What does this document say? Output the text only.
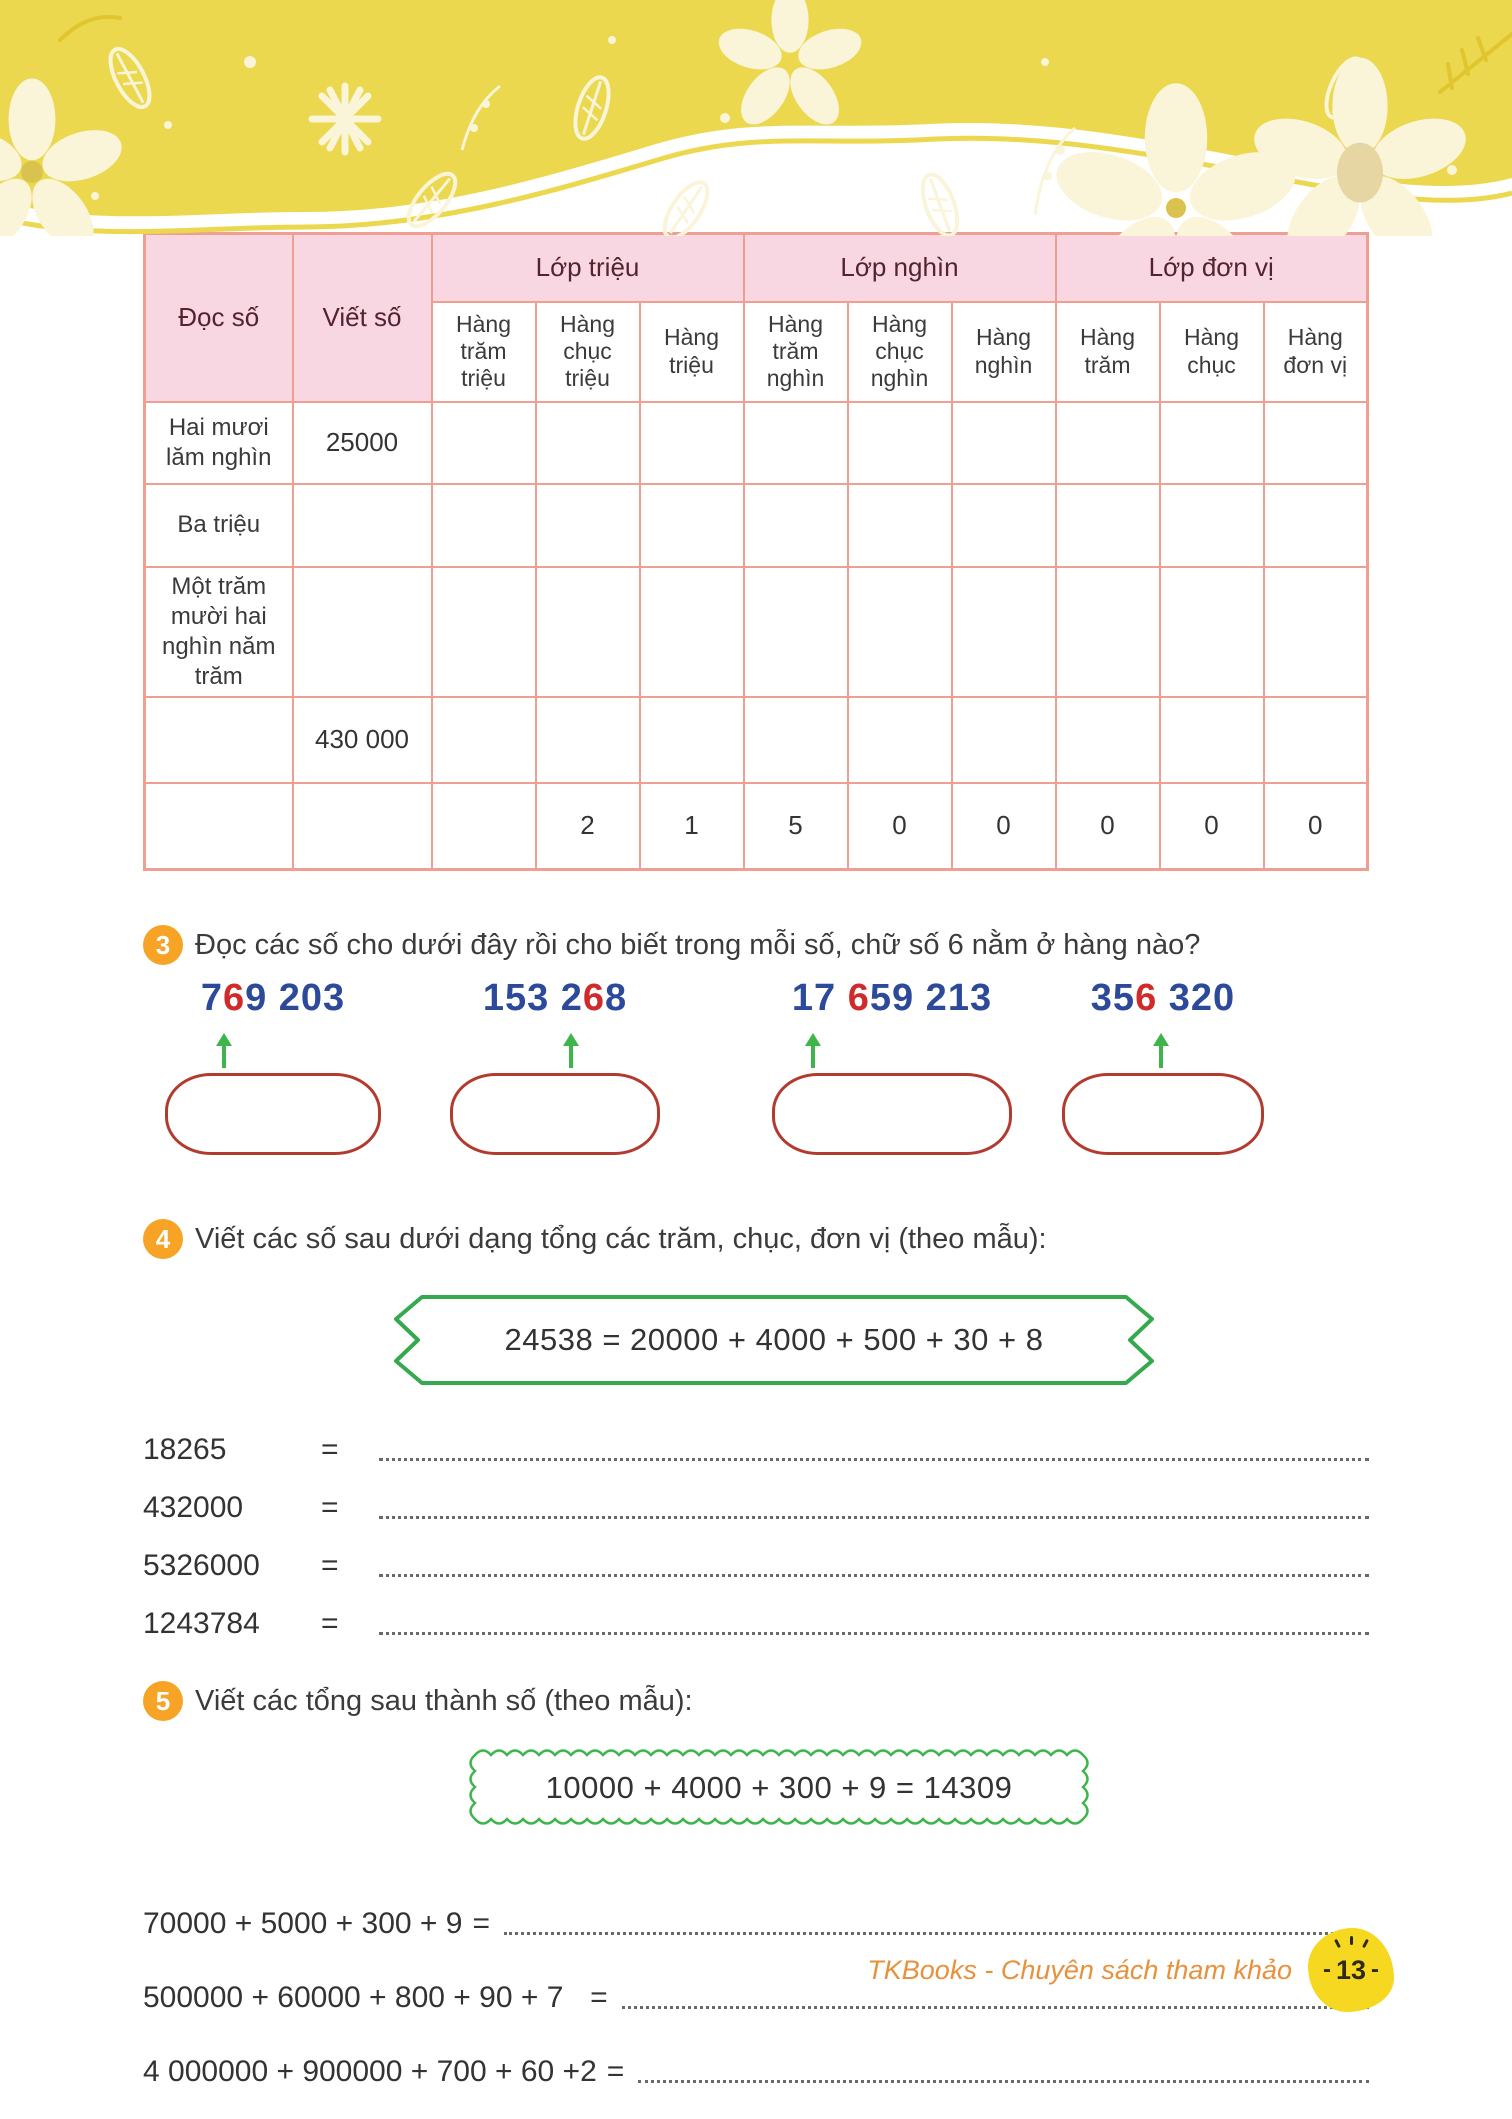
Đọc số	Viết số	Lớp triệu			Lớp nghìn			Lớp đơn vị		
		Hàng trăm triệu	Hàng chục triệu	Hàng triệu	Hàng trăm nghìn	Hàng chục nghìn	Hàng nghìn	Hàng trăm	Hàng chục	Hàng đơn vị
Hai mươi lăm nghìn	25000									
Ba triệu										
Một trăm mười hai nghìn năm trăm										
	430 000									
			2	1	5	0	0	0	0	0
3 Đọc các số cho dưới đây rồi cho biết trong mỗi số, chữ số 6 nằm ở hàng nào?
769 203	153 268	17 659 213	356 320
4 Viết các số sau dưới dạng tổng các trăm, chục, đơn vị (theo mẫu):
24538 = 20000 + 4000 + 500 + 30 + 8
18265	=
432000	=
5326000	=
1243784	=
5 Viết các tổng sau thành số (theo mẫu):
10000 + 4000 + 300 + 9 = 14309
70000 + 5000 + 300 + 9 =
500000 + 60000 + 800 + 90 + 7 =
4 000000 + 900000 + 700 + 60 +2 =
TKBooks - Chuyên sách tham khảo - 13 -
